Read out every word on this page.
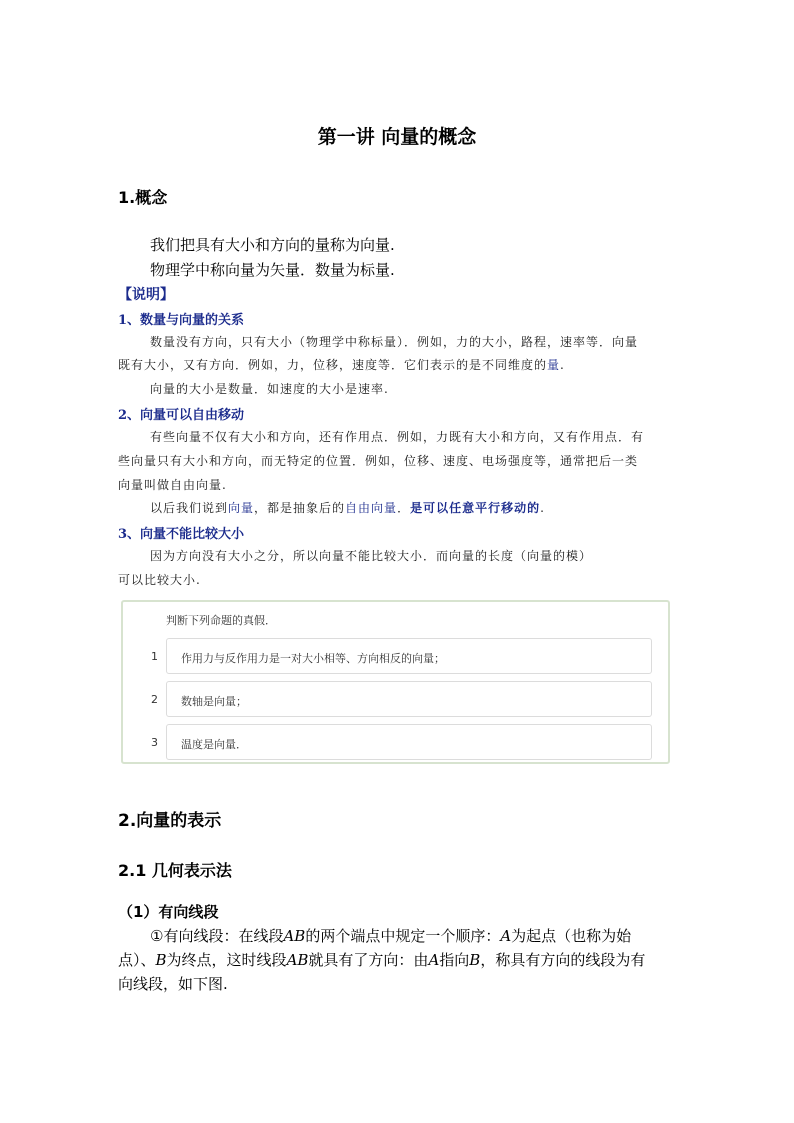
第一讲 向量的概念
1.概念
我们把具有大小和方向的量称为向量.
物理学中称向量为矢量．数量为标量.
【说明】
1、数量与向量的关系
数量没有方向，只有大小（物理学中称标量）．例如，力的大小，路程，速率等．向量
既有大小，又有方向．例如，力，位移，速度等．它们表示的是不同维度的量.
向量的大小是数量．如速度的大小是速率.
2、向量可以自由移动
有些向量不仅有大小和方向，还有作用点．例如，力既有大小和方向，又有作用点．有
些向量只有大小和方向，而无特定的位置．例如，位移、速度、电场强度等，通常把后一类
向量叫做自由向量.
以后我们说到向量，都是抽象后的自由向量．是可以任意平行移动的.
3、向量不能比较大小
因为方向没有大小之分，所以向量不能比较大小．而向量的长度（向量的模）
可以比较大小.
判断下列命题的真假．
1 作用力与反作用力是一对大小相等、方向相反的向量；
2 数轴是向量；
3 温度是向量．
2.向量的表示
2.1 几何表示法
（1）有向线段
①有向线段：在线段AB的两个端点中规定一个顺序：A为起点（也称为始
点）、B为终点，这时线段AB就具有了方向：由A指向B，称具有方向的线段为有
向线段，如下图.
